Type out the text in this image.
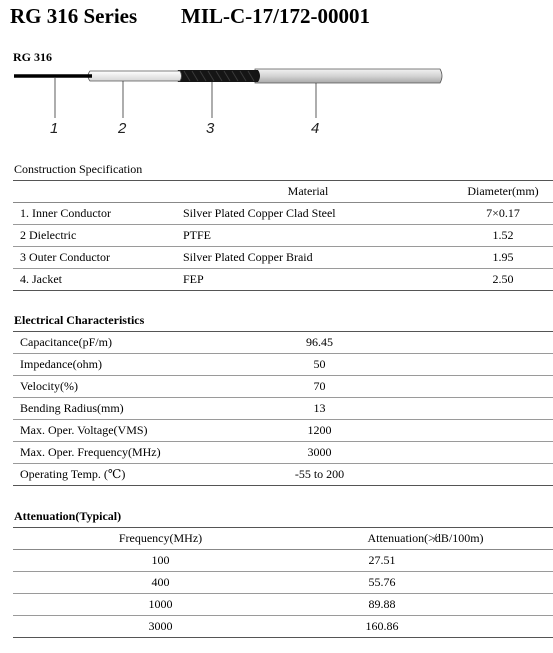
RG 316 Series MIL-C-17/172-00001
RG 316
1	2	3	4
Construction Specification
	Material	Diameter(mm)
1. Inner Conductor	Silver Plated Copper Clad Steel	7×0.17
2 Dielectric	PTFE	1.52
3 Outer Conductor	Silver Plated Copper Braid	1.95
4. Jacket	FEP	2.50
Electrical Characteristics
Capacitance(pF/m)	96.45
Impedance(ohm)	50
Velocity(%)	70
Bending Radius(mm)	13
Max. Oper. Voltage(VMS)	1200
Max. Oper. Frequency(MHz)	3000
Operating Temp. (℃)	-55 to 200
Attenuation(Typical)
Frequency(MHz)	Attenuation(≯dB/100m)
100	27.51
400	55.76
1000	89.88
3000	160.86
